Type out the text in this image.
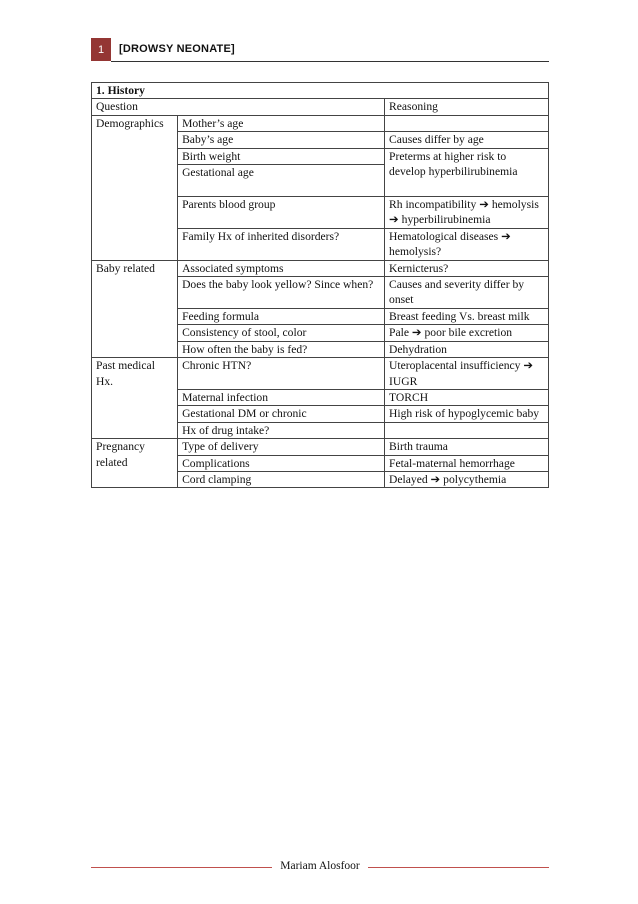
1	[DROWSY NEONATE]
1. History		
Question		Reasoning
Demographics	Mother’s age	
	Baby’s age	Causes differ by age
	Birth weight	Preterms at higher risk to develop hyperbilirubinemia
	Gestational age	
	Parents blood group	Rh incompatibility ➔ hemolysis ➔ hyperbilirubinemia
	Family Hx of inherited disorders?	Hematological diseases ➔ hemolysis?
Baby related	Associated symptoms	Kernicterus?
	Does the baby look yellow? Since when?	Causes and severity differ by onset
	Feeding formula	Breast feeding Vs. breast milk
	Consistency of stool, color	Pale ➔ poor bile excretion
	How often the baby is fed?	Dehydration
Past medical Hx.	Chronic HTN?	Uteroplacental insufficiency ➔ IUGR
	Maternal infection	TORCH
	Gestational DM or chronic	High risk of hypoglycemic baby
	Hx of drug intake?	
Pregnancy related	Type of delivery	Birth trauma
	Complications	Fetal-maternal hemorrhage
	Cord clamping	Delayed ➔ polycythemia
Mariam Alosfoor
